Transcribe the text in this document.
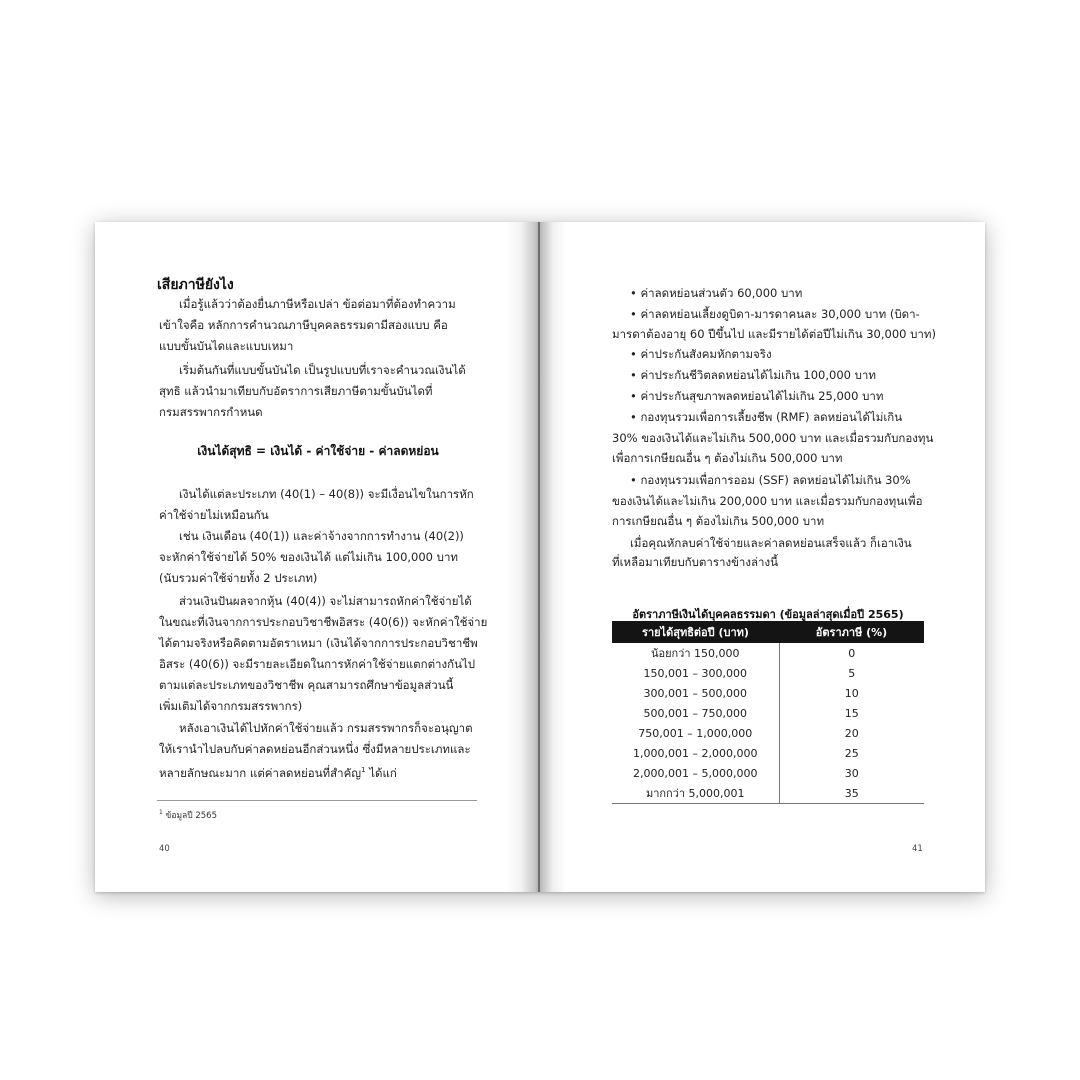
เสียภาษียังไง
เมื่อรู้แล้วว่าต้องยื่นภาษีหรือเปล่า ข้อต่อมาที่ต้องทำความ
เข้าใจคือ หลักการคำนวณภาษีบุคคลธรรมดามีสองแบบ คือ
แบบขั้นบันไดและแบบเหมา
เริ่มต้นกันที่แบบขั้นบันได เป็นรูปแบบที่เราจะคำนวณเงินได้
สุทธิ แล้วนำมาเทียบกับอัตราการเสียภาษีตามขั้นบันไดที่
กรมสรรพากรกำหนด
เงินได้สุทธิ = เงินได้ - ค่าใช้จ่าย - ค่าลดหย่อน
เงินได้แต่ละประเภท (40(1) – 40(8)) จะมีเงื่อนไขในการหัก
ค่าใช้จ่ายไม่เหมือนกัน
เช่น เงินเดือน (40(1)) และค่าจ้างจากการทำงาน (40(2))
จะหักค่าใช้จ่ายได้ 50% ของเงินได้ แต่ไม่เกิน 100,000 บาท
(นับรวมค่าใช้จ่ายทั้ง 2 ประเภท)
ส่วนเงินปันผลจากหุ้น (40(4)) จะไม่สามารถหักค่าใช้จ่ายได้
ในขณะที่เงินจากการประกอบวิชาชีพอิสระ (40(6)) จะหักค่าใช้จ่าย
ได้ตามจริงหรือคิดตามอัตราเหมา (เงินได้จากการประกอบวิชาชีพ
อิสระ (40(6)) จะมีรายละเอียดในการหักค่าใช้จ่ายแตกต่างกันไป
ตามแต่ละประเภทของวิชาชีพ คุณสามารถศึกษาข้อมูลส่วนนี้
เพิ่มเติมได้จากกรมสรรพากร)
หลังเอาเงินได้ไปหักค่าใช้จ่ายแล้ว กรมสรรพากรก็จะอนุญาต
ให้เรานำไปลบกับค่าลดหย่อนอีกส่วนหนึ่ง ซึ่งมีหลายประเภทและ
หลายลักษณะมาก แต่ค่าลดหย่อนที่สำคัญ$^1$ ได้แก่
$^1$ ข้อมูลปี 2565
40
• ค่าลดหย่อนส่วนตัว 60,000 บาท
• ค่าลดหย่อนเลี้ยงดูบิดา-มารดาคนละ 30,000 บาท (บิดา-
มารดาต้องอายุ 60 ปีขึ้นไป และมีรายได้ต่อปีไม่เกิน 30,000 บาท)
• ค่าประกันสังคมหักตามจริง
• ค่าประกันชีวิตลดหย่อนได้ไม่เกิน 100,000 บาท
• ค่าประกันสุขภาพลดหย่อนได้ไม่เกิน 25,000 บาท
• กองทุนรวมเพื่อการเลี้ยงชีพ (RMF) ลดหย่อนได้ไม่เกิน
30% ของเงินได้และไม่เกิน 500,000 บาท และเมื่อรวมกับกองทุน
เพื่อการเกษียณอื่น ๆ ต้องไม่เกิน 500,000 บาท
• กองทุนรวมเพื่อการออม (SSF) ลดหย่อนได้ไม่เกิน 30%
ของเงินได้และไม่เกิน 200,000 บาท และเมื่อรวมกับกองทุนเพื่อ
การเกษียณอื่น ๆ ต้องไม่เกิน 500,000 บาท
เมื่อคุณหักลบค่าใช้จ่ายและค่าลดหย่อนเสร็จแล้ว ก็เอาเงิน
ที่เหลือมาเทียบกับตารางข้างล่างนี้
อัตราภาษีเงินได้บุคคลธรรมดา (ข้อมูลล่าสุดเมื่อปี 2565)
รายได้สุทธิต่อปี (บาท)	อัตราภาษี (%)
น้อยกว่า 150,000	0
150,001 – 300,000	5
300,001 – 500,000	10
500,001 – 750,000	15
750,001 – 1,000,000	20
1,000,001 – 2,000,000	25
2,000,001 – 5,000,000	30
มากกว่า 5,000,001	35
41
